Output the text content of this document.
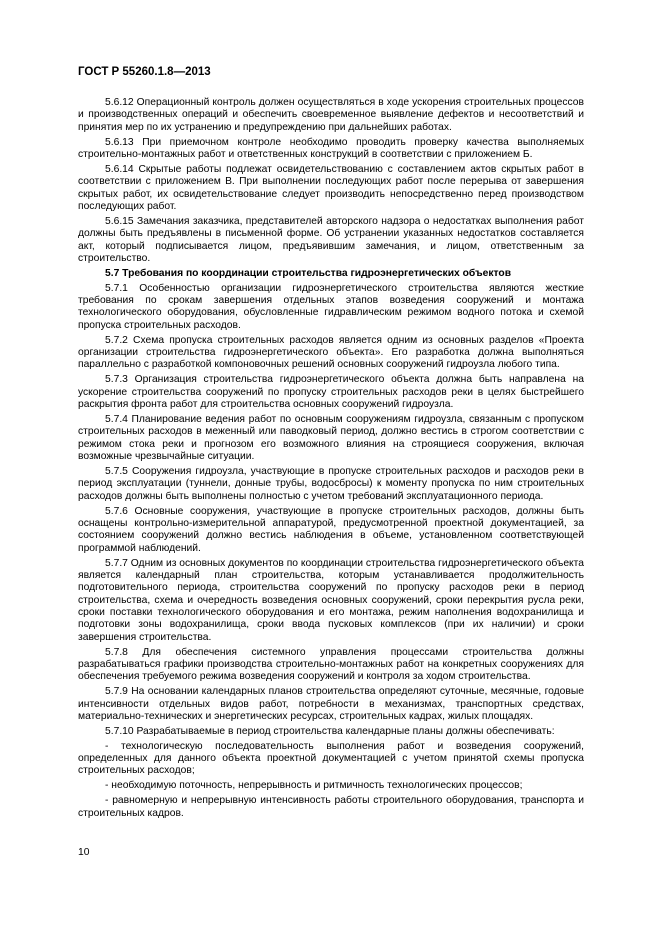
ГОСТ Р 55260.1.8—2013

5.6.12 Операционный контроль должен осуществляться в ходе ускорения строительных процессов и производственных операций и обеспечить своевременное выявление дефектов и несоответствий и принятия мер по их устранению и предупреждению при дальнейших работах.

5.6.13 При приемочном контроле необходимо проводить проверку качества выполняемых строительно-монтажных работ и ответственных конструкций в соответствии с приложением Б.

5.6.14 Скрытые работы подлежат освидетельствованию с составлением актов скрытых работ в соответствии с приложением В. При выполнении последующих работ после перерыва от завершения скрытых работ, их освидетельствование следует производить непосредственно перед производством последующих работ.

5.6.15 Замечания заказчика, представителей авторского надзора о недостатках выполнения работ должны быть предъявлены в письменной форме. Об устранении указанных недостатков составляется акт, который подписывается лицом, предъявившим замечания, и лицом, ответственным за строительство.

5.7 Требования по координации строительства гидроэнергетических объектов

5.7.1 Особенностью организации гидроэнергетического строительства являются жесткие требования по срокам завершения отдельных этапов возведения сооружений и монтажа технологического оборудования, обусловленные гидравлическим режимом водного потока и схемой пропуска строительных расходов.

5.7.2 Схема пропуска строительных расходов является одним из основных разделов «Проекта организации строительства гидроэнергетического объекта». Его разработка должна выполняться параллельно с разработкой компоновочных решений основных сооружений гидроузла любого типа.

5.7.3 Организация строительства гидроэнергетического объекта должна быть направлена на ускорение строительства сооружений по пропуску строительных расходов реки в целях быстрейшего раскрытия фронта работ для строительства основных сооружений гидроузла.

5.7.4 Планирование ведения работ по основным сооружениям гидроузла, связанным с пропуском строительных расходов в меженный или паводковый период, должно вестись в строгом соответствии с режимом стока реки и прогнозом его возможного влияния на строящиеся сооружения, включая возможные чрезвычайные ситуации.

5.7.5 Сооружения гидроузла, участвующие в пропуске строительных расходов и расходов реки в период эксплуатации (туннели, донные трубы, водосбросы) к моменту пропуска по ним строительных расходов должны быть выполнены полностью с учетом требований эксплуатационного периода.

5.7.6 Основные сооружения, участвующие в пропуске строительных расходов, должны быть оснащены контрольно-измерительной аппаратурой, предусмотренной проектной документацией, за состоянием сооружений должно вестись наблюдения в объеме, установленном соответствующей программой наблюдений.

5.7.7 Одним из основных документов по координации строительства гидроэнергетического объекта является календарный план строительства, которым устанавливается продолжительность подготовительного периода, строительства сооружений по пропуску расходов реки в период строительства, схема и очередность возведения основных сооружений, сроки перекрытия русла реки, сроки поставки технологического оборудования и его монтажа, режим наполнения водохранилища и подготовки зоны водохранилища, сроки ввода пусковых комплексов (при их наличии) и сроки завершения строительства.

5.7.8 Для обеспечения системного управления процессами строительства должны разрабатываться графики производства строительно-монтажных работ на конкретных сооружениях для обеспечения требуемого режима возведения сооружений и контроля за ходом строительства.

5.7.9 На основании календарных планов строительства определяют суточные, месячные, годовые интенсивности отдельных видов работ, потребности в механизмах, транспортных средствах, материально-технических и энергетических ресурсах, строительных кадрах, жилых площадях.

5.7.10 Разрабатываемые в период строительства календарные планы должны обеспечивать:

- технологическую последовательность выполнения работ и возведения сооружений, определенных для данного объекта проектной документацией с учетом принятой схемы пропуска строительных расходов;

- необходимую поточность, непрерывность и ритмичность технологических процессов;

- равномерную и непрерывную интенсивность работы строительного оборудования, транспорта и строительных кадров.

10
